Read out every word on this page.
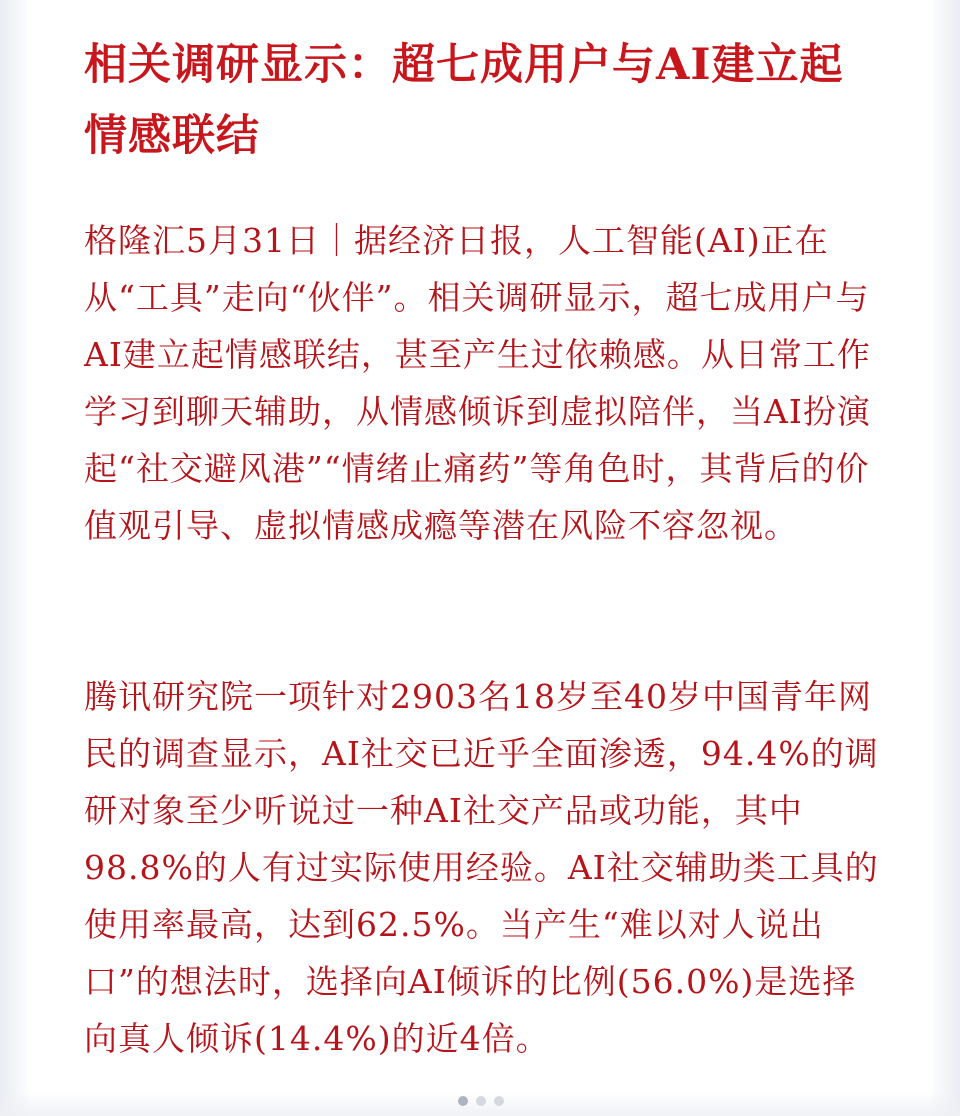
相关调研显示：超七成用户与AI建立起情感联结

格隆汇5月31日｜据经济日报，人工智能(AI)正在从“工具”走向“伙伴”。相关调研显示，超七成用户与AI建立起情感联结，甚至产生过依赖感。从日常工作学习到聊天辅助，从情感倾诉到虚拟陪伴，当AI扮演起“社交避风港”“情绪止痛药”等角色时，其背后的价值观引导、虚拟情感成瘾等潜在风险不容忽视。

腾讯研究院一项针对2903名18岁至40岁中国青年网民的调查显示，AI社交已近乎全面渗透，94.4%的调研对象至少听说过一种AI社交产品或功能，其中98.8%的人有过实际使用经验。AI社交辅助类工具的使用率最高，达到62.5%。当产生“难以对人说出口”的想法时，选择向AI倾诉的比例(56.0%)是选择向真人倾诉(14.4%)的近4倍。
